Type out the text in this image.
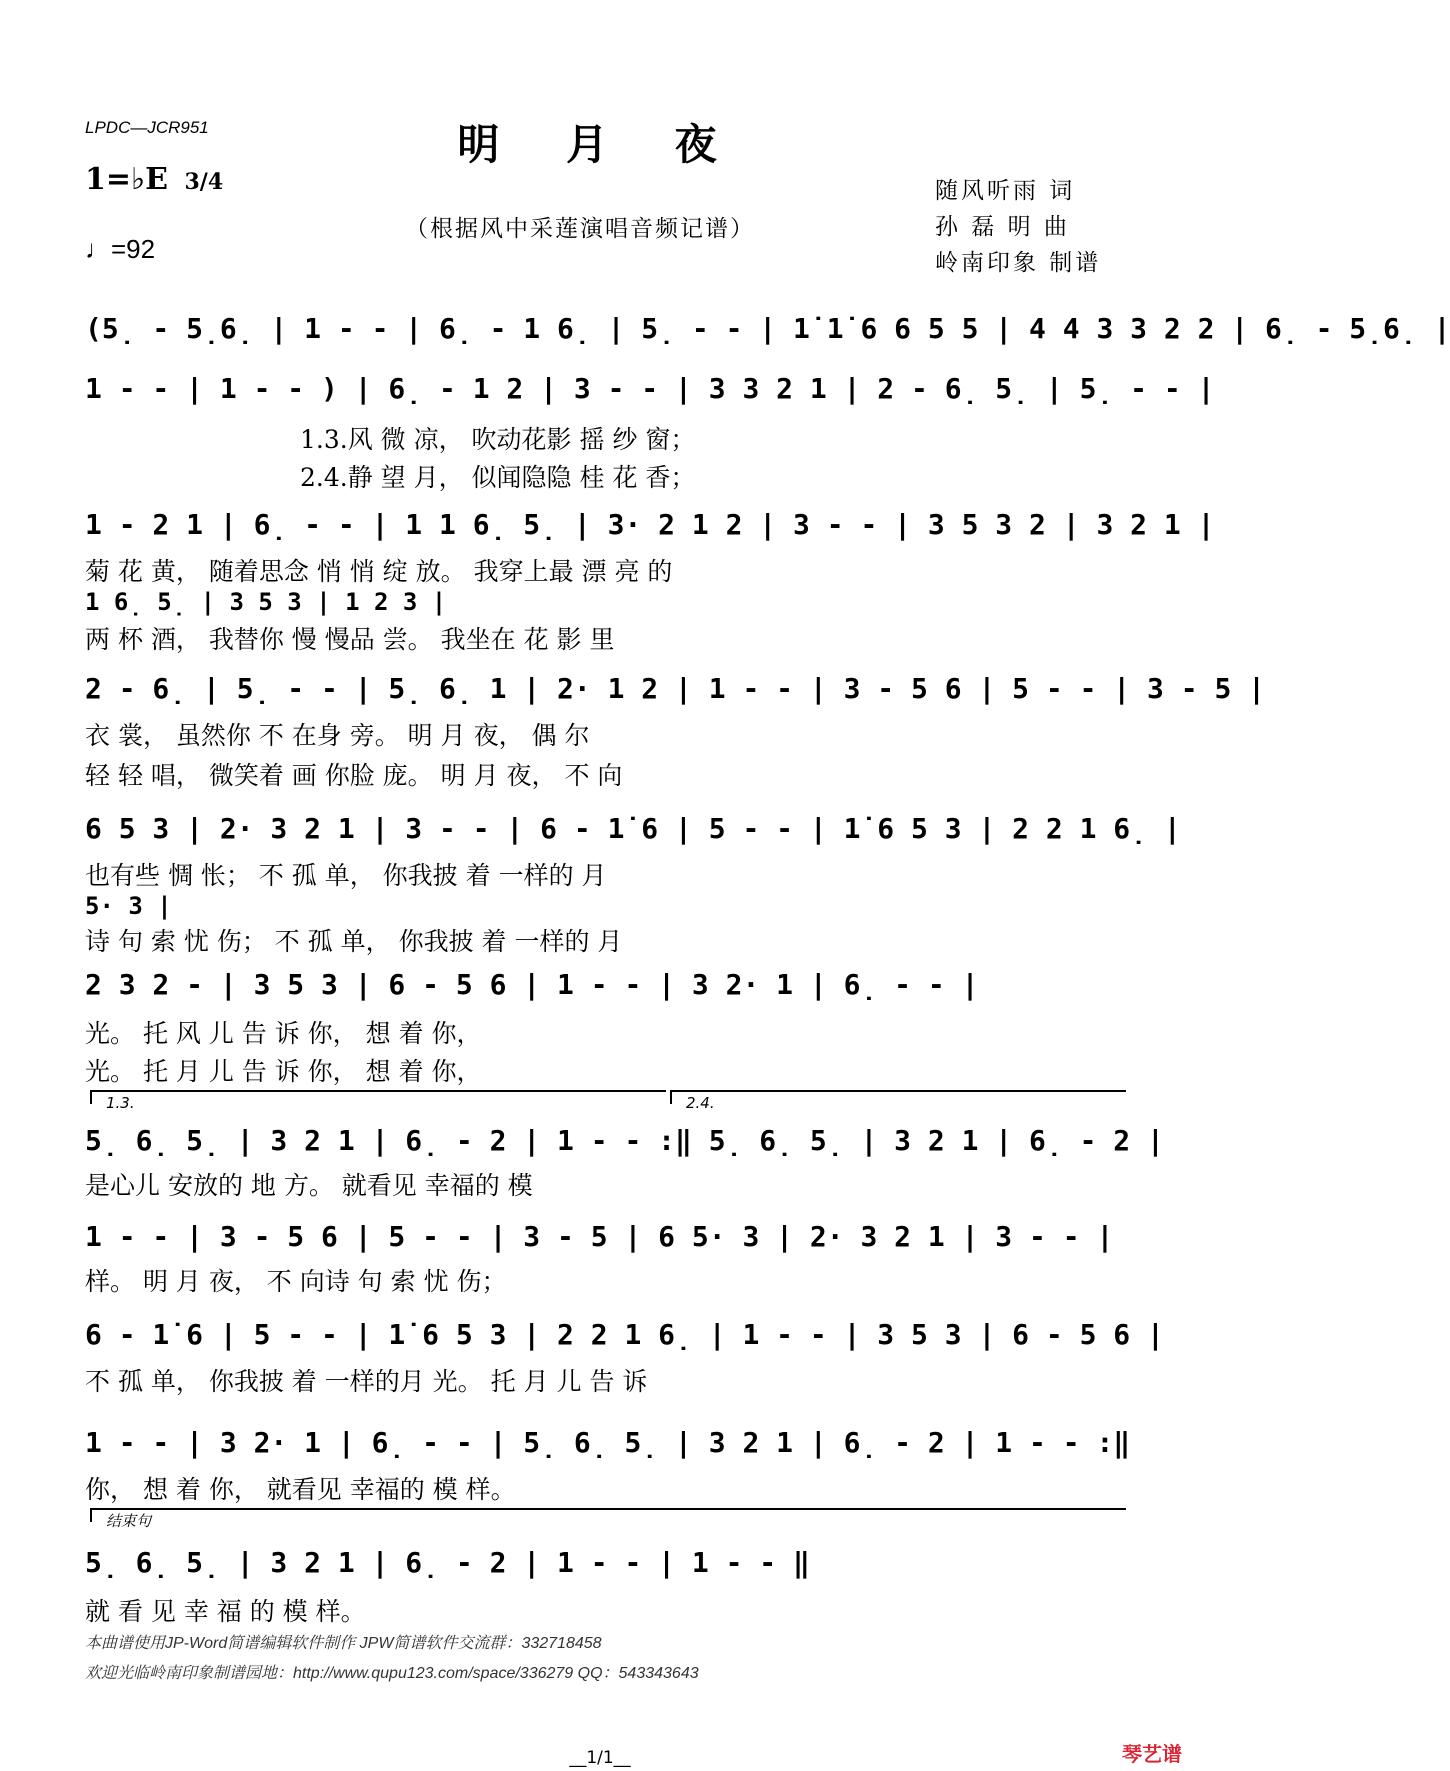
LPDC—JCR951	明 月 夜
1=♭E 3/4
♩=92
（根据风中采莲演唱音频记谱）
随风听雨 词
孙 磊 明 曲
岭南印象 制谱
(5̣ - 5̣6̣ | 1 - - | 6̣ - 1 6̣ | 5̣ - - | 1̇ 1̇ 6 6 5 5 | 4 4 3 3 2 2 | 6̣ - 5̣6̣ |
1 - - | 1 - - ) | 6̣ - 1 2 | 3 - - | 3 3 2 1 | 2 - 6̣ 5̣ | 5̣ - - |
1.3.风 微 凉， 吹动花影 摇 纱 窗；
2.4.静 望 月， 似闻隐隐 桂 花 香；
1 - 2 1 | 6̣ - - | 1 1 6̣ 5̣ | 3· 2 1 2 | 3 - - | 3 5 3 2 | 3 2 1 |
菊 花 黄， 随着思念 悄 悄 绽 放。 我穿上最 漂 亮 的
1 6̣ 5̣ | 3 5 3 | 1 2 3 |
两 杯 酒， 我替你 慢 慢品 尝。 我坐在 花 影 里
2 - 6̣ | 5̣ - - | 5̣ 6̣ 1 | 2· 1 2 | 1 - - | 3 - 5 6 | 5 - - | 3 - 5 |
衣 裳， 虽然你 不 在身 旁。 明 月 夜， 偶 尔
轻 轻 唱， 微笑着 画 你脸 庞。 明 月 夜， 不 向
6 5 3 | 2· 3 2 1 | 3 - - | 6 - 1̇ 6 | 5 - - | 1̇ 6 5 3 | 2 2 1 6̣ |
也有些 惆 怅； 不 孤 单， 你我披 着 一样的 月
5· 3 |
诗 句 索 忧 伤； 不 孤 单， 你我披 着 一样的 月
2 3 2 - | 3 5 3 | 6 - 5 6 | 1 - - | 3 2· 1 | 6̣ - - |
光。 托 风 儿 告 诉 你， 想 着 你，
光。 托 月 儿 告 诉 你， 想 着 你，
1.3.	2.4.
5̣ 6̣ 5̣ | 3 2 1 | 6̣ - 2 | 1 - - :‖ 5̣ 6̣ 5̣ | 3 2 1 | 6̣ - 2 |
是心儿 安放的 地 方。 就看见 幸福的 模
1 - - | 3 - 5 6 | 5 - - | 3 - 5 | 6 5· 3 | 2· 3 2 1 | 3 - - |
样。 明 月 夜， 不 向诗 句 索 忧 伤；
6 - 1̇ 6 | 5 - - | 1̇ 6 5 3 | 2 2 1 6̣ | 1 - - | 3 5 3 | 6 - 5 6 |
不 孤 单， 你我披 着 一样的月 光。 托 月 儿 告 诉
1 - - | 3 2· 1 | 6̣ - - | 5̣ 6̣ 5̣ | 3 2 1 | 6̣ - 2 | 1 - - :‖
你， 想 着 你， 就看见 幸福的 模 样。
结束句
5̣ 6̣ 5̣ | 3 2 1 | 6̣ - 2 | 1 - - | 1 - - ‖
就 看 见 幸 福 的 模 样。
本曲谱使用JP-Word简谱编辑软件制作 JPW简谱软件交流群：332718458
欢迎光临岭南印象制谱园地：http://www.qupu123.com/space/336279 QQ：543343643
__1/1__	琴艺谱
